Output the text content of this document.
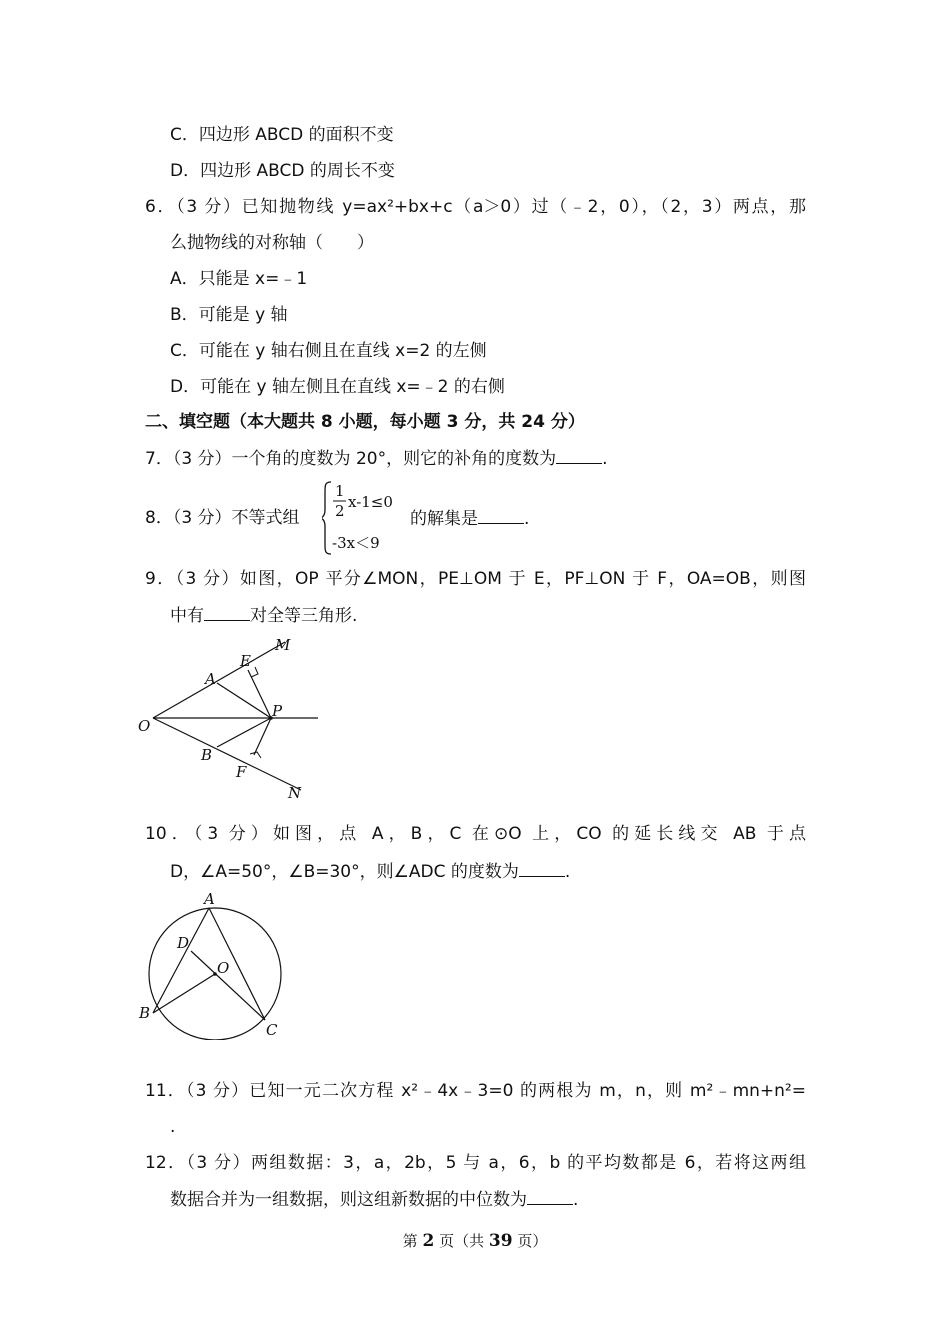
C．四边形 ABCD 的面积不变
D．四边形 ABCD 的周长不变
6．（3 分）已知抛物线 y=ax²+bx+c（a＞0）过（﹣2，0），（2，3）两点，那
么抛物线的对称轴（　　）
A．只能是 x=﹣1
B．可能是 y 轴
C．可能在 y 轴右侧且在直线 x=2 的左侧
D．可能在 y 轴左侧且在直线 x=﹣2 的右侧
二、填空题（本大题共 8 小题，每小题 3 分，共 24 分）
7．（3 分）一个角的度数为 20°，则它的补角的度数为	.
8．（3 分）不等式组
1
2 x-1≤0
-3x＜9
的解集是	.
9．（3 分）如图，OP 平分∠MON，PE⊥OM 于 E，PF⊥ON 于 F，OA=OB，则图
中有	对全等三角形.
M
E
A
O
P
B
F
N
10．（3 分）如图，点 A，B，C 在⊙O 上，CO 的延长线交 AB 于点
D，∠A=50°，∠B=30°，则∠ADC 的度数为	.
A
D
O
B
C
11．（3 分）已知一元二次方程 x²﹣4x﹣3=0 的两根为 m，n，则 m²﹣mn+n²=
.
12．（3 分）两组数据：3，a，2b，5 与 a，6，b 的平均数都是 6，若将这两组
数据合并为一组数据，则这组新数据的中位数为	.
第 2 页（共 39 页）
